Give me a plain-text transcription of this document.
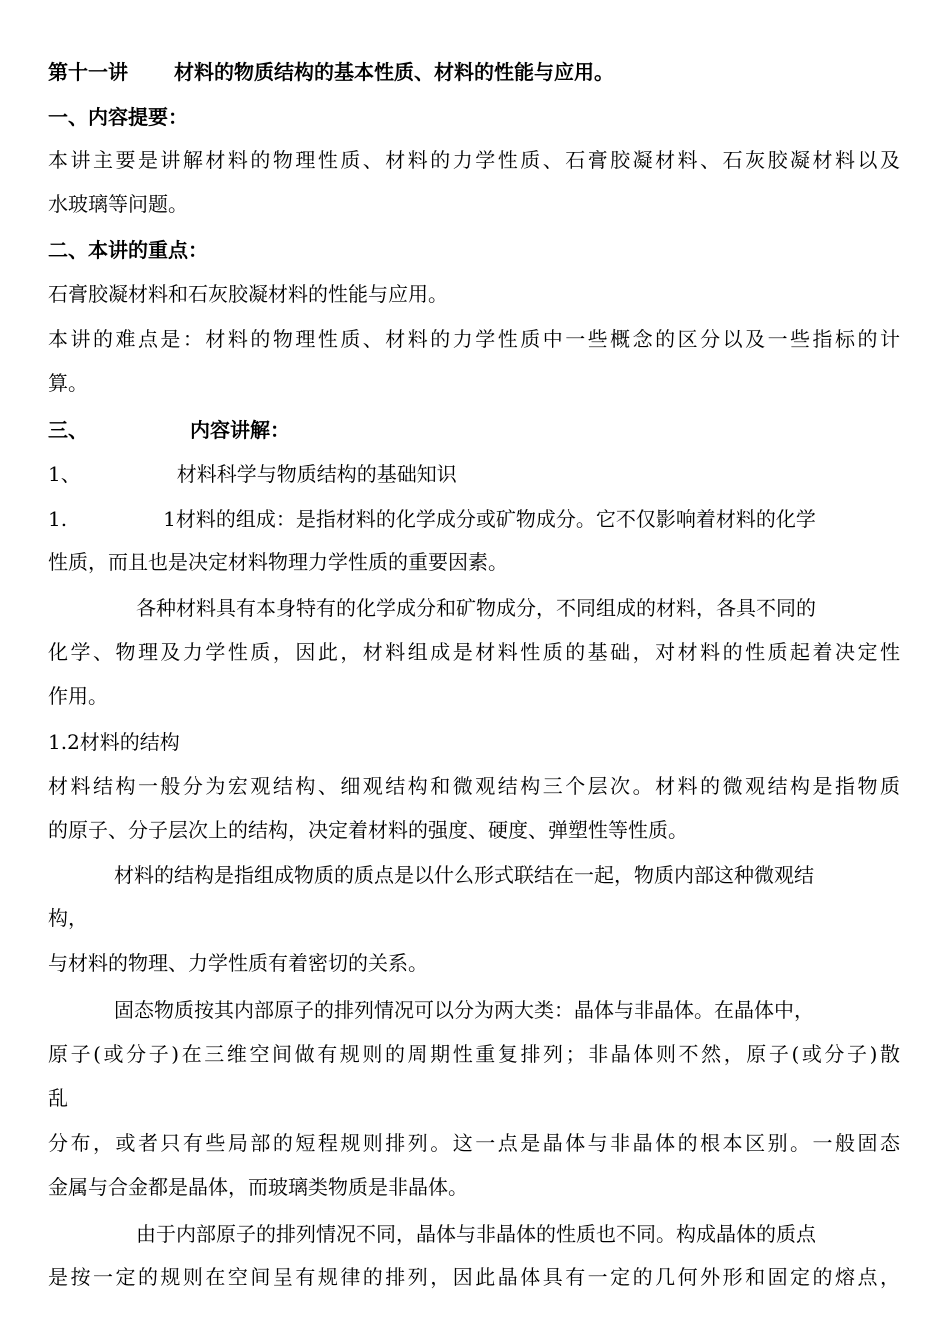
第十一讲 材料的物质结构的基本性质、材料的性能与应用。
一、内容提要：
本讲主要是讲解材料的物理性质、材料的力学性质、石膏胶凝材料、石灰胶凝材料以及
水玻璃等问题。
二、本讲的重点：
石膏胶凝材料和石灰胶凝材料的性能与应用。
本讲的难点是：材料的物理性质、材料的力学性质中一些概念的区分以及一些指标的计
算。
三、	内容讲解：
1、	材料科学与物质结构的基础知识
1.	1材料的组成：是指材料的化学成分或矿物成分。它不仅影响着材料的化学
性质，而且也是决定材料物理力学性质的重要因素。
各种材料具有本身特有的化学成分和矿物成分，不同组成的材料，各具不同的
化学、物理及力学性质，因此，材料组成是材料性质的基础，对材料的性质起着决定性
作用。
1.2材料的结构
材料结构一般分为宏观结构、细观结构和微观结构三个层次。材料的微观结构是指物质
的原子、分子层次上的结构，决定着材料的强度、硬度、弹塑性等性质。
材料的结构是指组成物质的质点是以什么形式联结在一起，物质内部这种微观结
构，
与材料的物理、力学性质有着密切的关系。
固态物质按其内部原子的排列情况可以分为两大类：晶体与非晶体。在晶体中，
原子(或分子)在三维空间做有规则的周期性重复排列；非晶体则不然，原子(或分子)散
乱
分布，或者只有些局部的短程规则排列。这一点是晶体与非晶体的根本区别。一般固态
金属与合金都是晶体，而玻璃类物质是非晶体。
由于内部原子的排列情况不同，晶体与非晶体的性质也不同。构成晶体的质点
是按一定的规则在空间呈有规律的排列，因此晶体具有一定的几何外形和固定的熔点，
